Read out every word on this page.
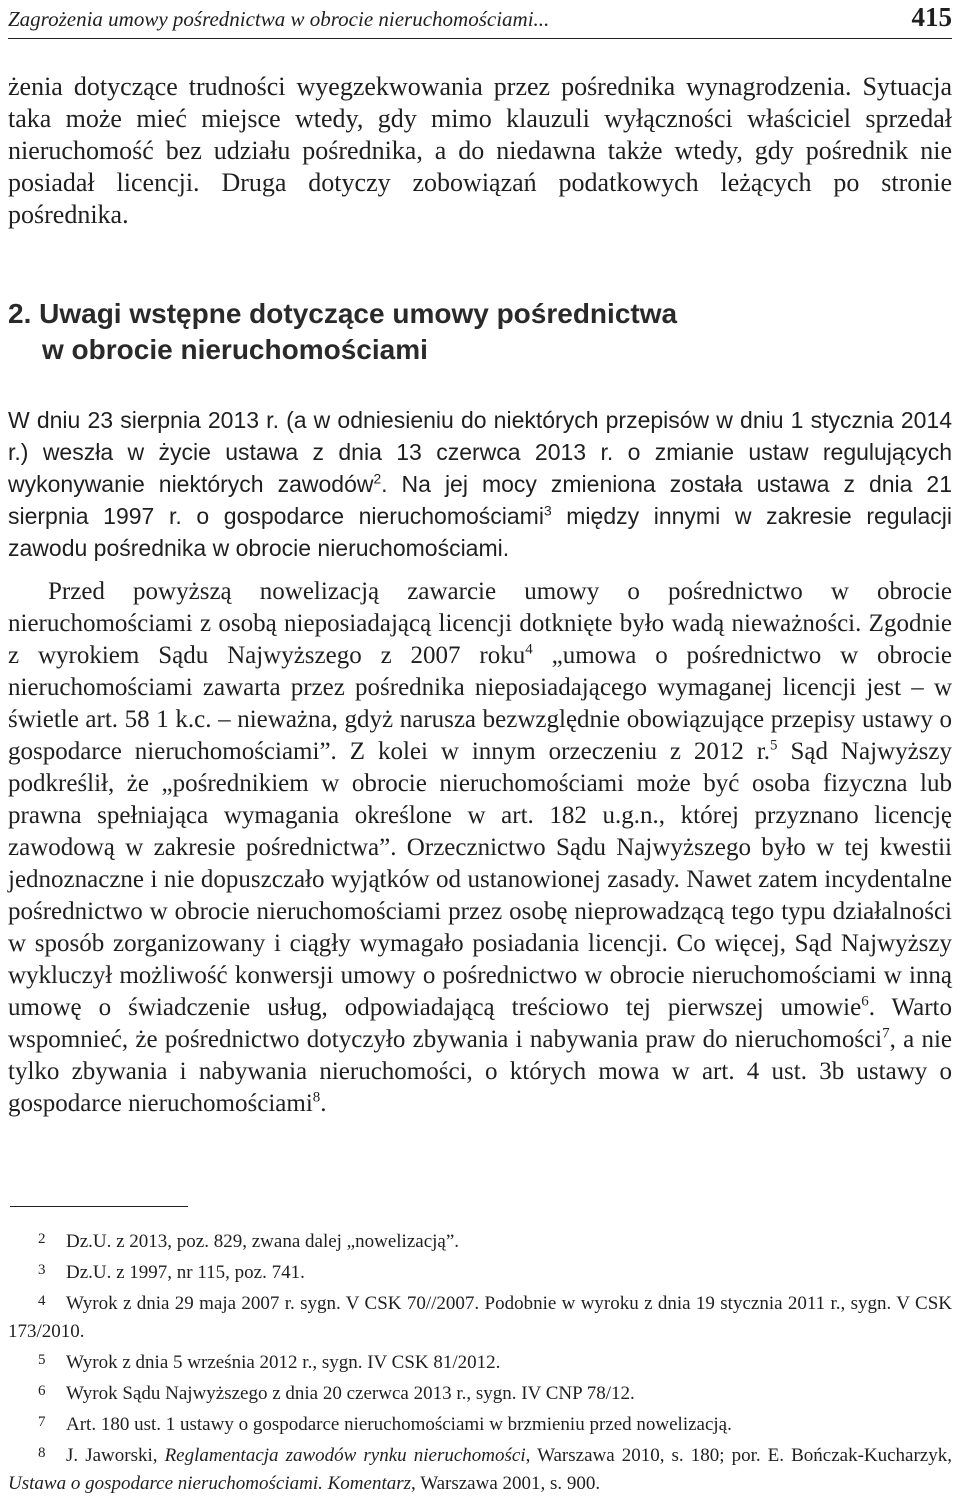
Zagrożenia umowy pośrednictwa w obrocie nieruchomościami...	415
żenia dotyczące trudności wyegzekwowania przez pośrednika wynagrodzenia. Sytuacja taka może mieć miejsce wtedy, gdy mimo klauzuli wyłączności właściciel sprzedał nieruchomość bez udziału pośrednika, a do niedawna także wtedy, gdy pośrednik nie posiadał licencji. Druga dotyczy zobowiązań podatkowych leżących po stronie pośrednika.
2. Uwagi wstępne dotyczące umowy pośrednictwa
w obrocie nieruchomościami
W dniu 23 sierpnia 2013 r. (a w odniesieniu do niektórych przepisów w dniu 1 stycznia 2014 r.) weszła w życie ustawa z dnia 13 czerwca 2013 r. o zmianie ustaw regulujących wykonywanie niektórych zawodów$^2$. Na jej mocy zmieniona została ustawa z dnia 21 sierpnia 1997 r. o gospodarce nieruchomościami$^3$ między innymi w zakresie regulacji zawodu pośrednika w obrocie nieruchomościami.

Przed powyższą nowelizacją zawarcie umowy o pośrednictwo w obrocie nieruchomościami z osobą nieposiadającą licencji dotknięte było wadą nieważności. Zgodnie z wyrokiem Sądu Najwyższego z 2007 roku$^4$ „umowa o pośrednictwo w obrocie nieruchomościami zawarta przez pośrednika nieposiadającego wymaganej licencji jest – w świetle art. 58 1 k.c. – nieważna, gdyż narusza bezwzględnie obowiązujące przepisy ustawy o gospodarce nieruchomościami”. Z kolei w innym orzeczeniu z 2012 r.$^5$ Sąd Najwyższy podkreślił, że „pośrednikiem w obrocie nieruchomościami może być osoba fizyczna lub prawna spełniająca wymagania określone w art. 182 u.g.n., której przyznano licencję zawodową w zakresie pośrednictwa”. Orzecznictwo Sądu Najwyższego było w tej kwestii jednoznaczne i nie dopuszczało wyjątków od ustanowionej zasady. Nawet zatem incydentalne pośrednictwo w obrocie nieruchomościami przez osobę nieprowadzącą tego typu działalności w sposób zorganizowany i ciągły wymagało posiadania licencji. Co więcej, Sąd Najwyższy wykluczył możliwość konwersji umowy o pośrednictwo w obrocie nieruchomościami w inną umowę o świadczenie usług, odpowiadającą treściowo tej pierwszej umowie$^6$. Warto wspomnieć, że pośrednictwo dotyczyło zbywania i nabywania praw do nieruchomości$^7$, a nie tylko zbywania i nabywania nieruchomości, o których mowa w art. 4 ust. 3b ustawy o gospodarce nieruchomościami$^8$.

2 Dz.U. z 2013, poz. 829, zwana dalej „nowelizacją”.

3 Dz.U. z 1997, nr 115, poz. 741.

4 Wyrok z dnia 29 maja 2007 r. sygn. V CSK 70//2007. Podobnie w wyroku z dnia 19 stycznia 2011 r., sygn. V CSK 173/2010.

5 Wyrok z dnia 5 września 2012 r., sygn. IV CSK 81/2012.

6 Wyrok Sądu Najwyższego z dnia 20 czerwca 2013 r., sygn. IV CNP 78/12.

7 Art. 180 ust. 1 ustawy o gospodarce nieruchomościami w brzmieniu przed nowelizacją.

8 J. Jaworski, Reglamentacja zawodów rynku nieruchomości, Warszawa 2010, s. 180; por. E. Bończak-Kucharzyk, Ustawa o gospodarce nieruchomościami. Komentarz, Warszawa 2001, s. 900.
